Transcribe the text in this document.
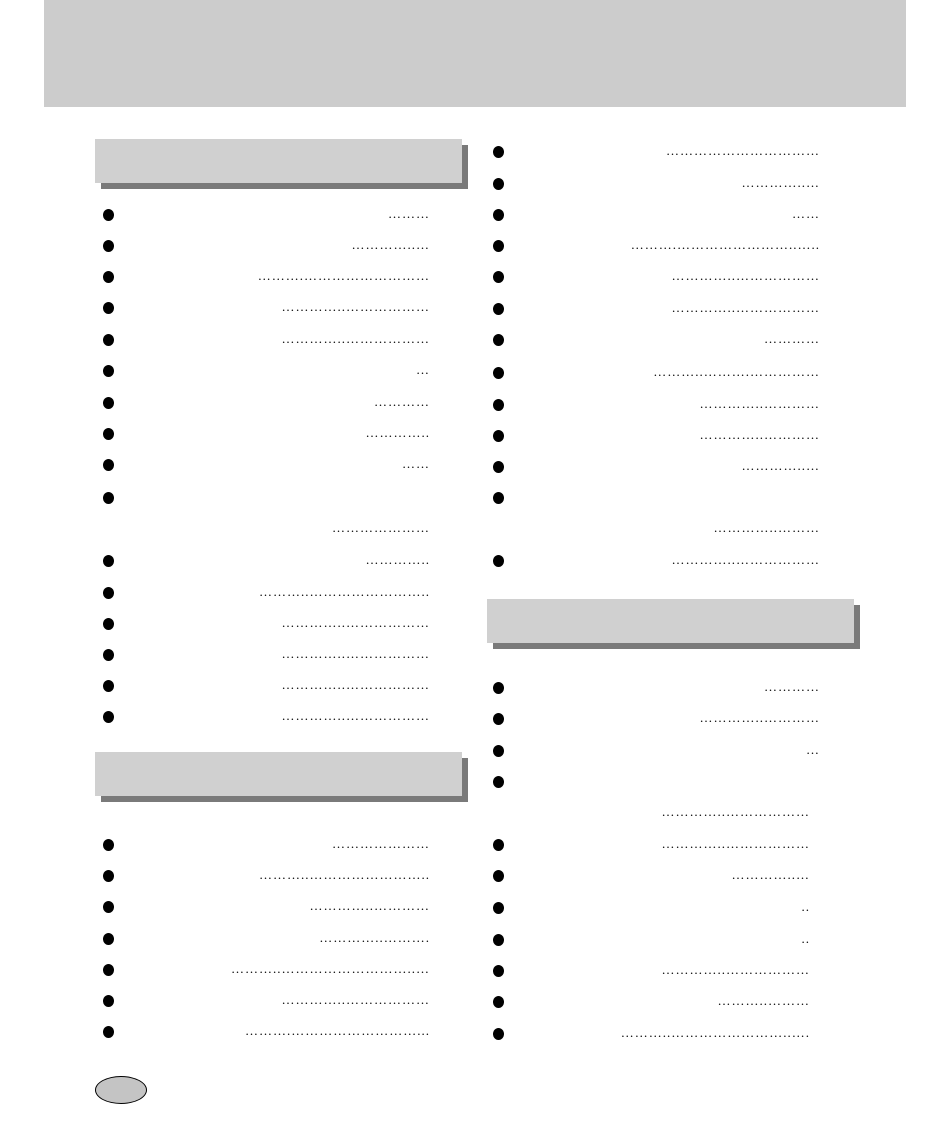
………
…………..…
……….………………………
…………..………………
…………..………………
…
…………
…………..
……
…………………
…………..
………..……………………..
…………..………………
…………..………………
…………..………………
…………..………………
…………………
………..……………………..
…………..…………
…………..……….
………..………………………..…
…………..………………
……….………………………...
……………………………
…………..…
……
……….……………………..…..
…………..………………
…………..………………
…………
………..……….……………
…………..…………
…………..…………
…………..…
…………..………
…………..………………
…………
…………..…………
…
…………..………………
…………..………………
…………..…
..
..
…………..………………
………..………
………..……………………..….
